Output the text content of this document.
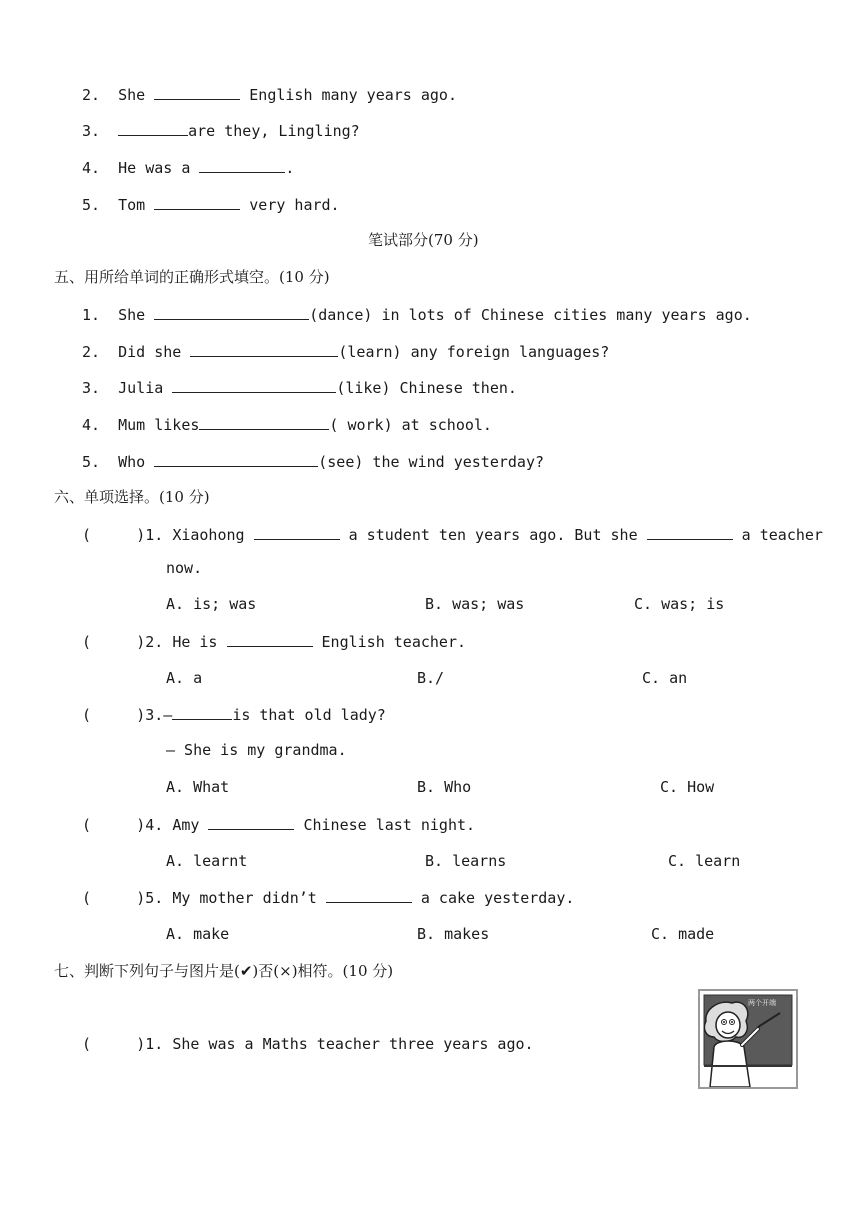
2. She	English many years ago.
3.	are they, Lingling?
4. He was a	.
5. Tom	very hard.
笔试部分(70 分)
五、用所给单词的正确形式填空。(10 分)
1. She	(dance) in lots of Chinese cities many years ago.
2. Did she	(learn) any foreign languages?
3. Julia	(like) Chinese then.
4. Mum likes	( work) at school.
5. Who	(see) the wind yesterday?
六、单项选择。(10 分)
(	)1. Xiaohong	a student ten years ago. But she	a teacher
now.
A. is; was	B. was; was	C. was; is
(	)2. He is	English teacher.
A. a	B./	C. an
(	)3.—	is that old lady?
— She is my grandma.
A. What	B. Who	C. How
(	)4. Amy	Chinese last night.
A. learnt	B. learns	C. learn
(	)5. My mother didn’t	a cake yesterday.
A. make	B. makes	C. made
七、判断下列句子与图片是(✔)否(×)相符。(10 分)
(	)1. She was a Maths teacher three years ago.
两个开端
